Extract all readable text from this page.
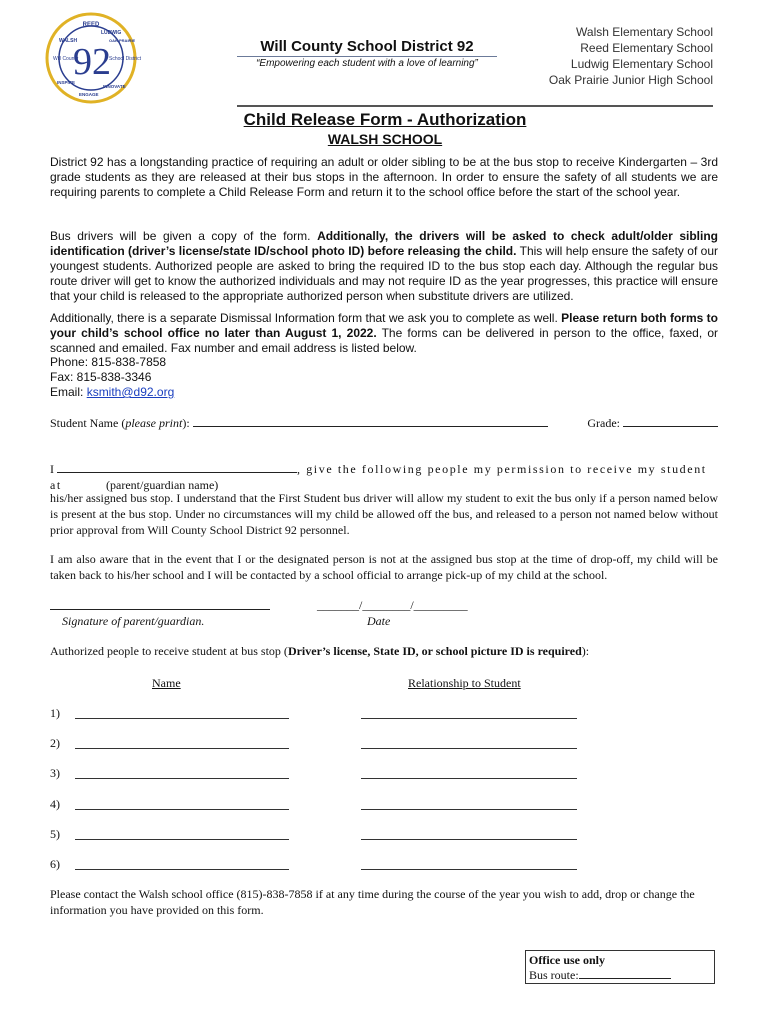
REED
WALSH
LUDWIG
OAK PRAIRIE
INSPIRE
ENGAGE
INNOVATE
92
Will County	School District
Will County School District 92
“Empowering each student with a love of learning”
Walsh Elementary School
Reed Elementary School
Ludwig Elementary School
Oak Prairie Junior High School
Child Release Form - Authorization
WALSH SCHOOL
District 92 has a longstanding practice of requiring an adult or older sibling to be at the bus stop to receive Kindergarten – 3rd grade students as they are released at their bus stops in the afternoon. In order to ensure the safety of all students we are requiring parents to complete a Child Release Form and return it to the school office before the start of the school year.
Bus drivers will be given a copy of the form. Additionally, the drivers will be asked to check adult/older sibling identification (driver’s license/state ID/school photo ID) before releasing the child. This will help ensure the safety of our youngest students. Authorized people are asked to bring the required ID to the bus stop each day. Although the regular bus route driver will get to know the authorized individuals and may not require ID as the year progresses, this practice will ensure that your child is released to the appropriate authorized person when substitute drivers are utilized.
Additionally, there is a separate Dismissal Information form that we ask you to complete as well. Please return both forms to your child’s school office no later than August 1, 2022. The forms can be delivered in person to the office, faxed, or scanned and emailed. Fax number and email address is listed below.
Phone: 815-838-7858
Fax: 815-838-3346
Email: ksmith@d92.org
Student Name (please print):	Grade:
I	, give the following people my permission to receive my student at	(parent/guardian name)
his/her assigned bus stop. I understand that the First Student bus driver will allow my student to exit the bus only if a person named below is present at the bus stop. Under no circumstances will my child be allowed off the bus, and released to a person not named below without prior approval from Will County School District 92 personnel.
I am also aware that in the event that I or the designated person is not at the assigned bus stop at the time of drop-off, my child will be taken back to his/her school and I will be contacted by a school official to arrange pick-up of my child at the school.
Signature of parent/guardian.
_______/________/_________
Date
Authorized people to receive student at bus stop (Driver’s license, State ID, or school picture ID is required):
Name	Relationship to Student
1)
2)
3)
4)
5)
6)
Please contact the Walsh school office (815)-838-7858 if at any time during the course of the year you wish to add, drop or change the information you have provided on this form.
Office use only
Bus route:
